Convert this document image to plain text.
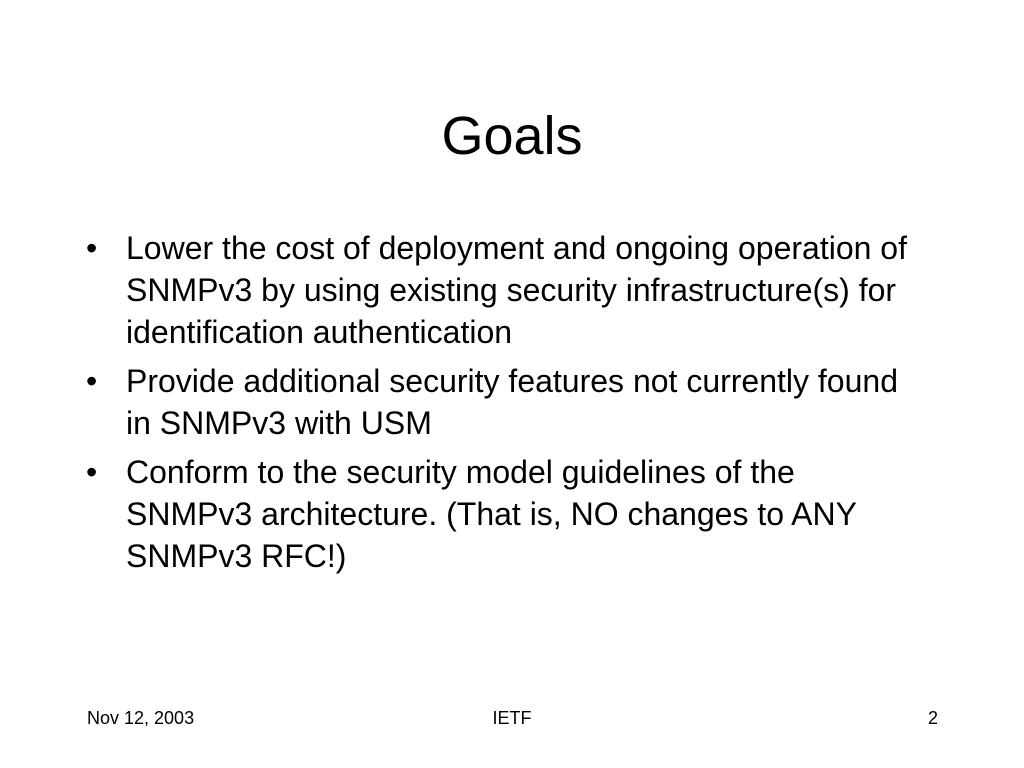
Goals
• Lower the cost of deployment and ongoing operation of SNMPv3 by using existing security infrastructure(s) for identification authentication
• Provide additional security features not currently found in SNMPv3 with USM
• Conform to the security model guidelines of the SNMPv3 architecture. (That is, NO changes to ANY SNMPv3 RFC!)
Nov 12, 2003	IETF	2
